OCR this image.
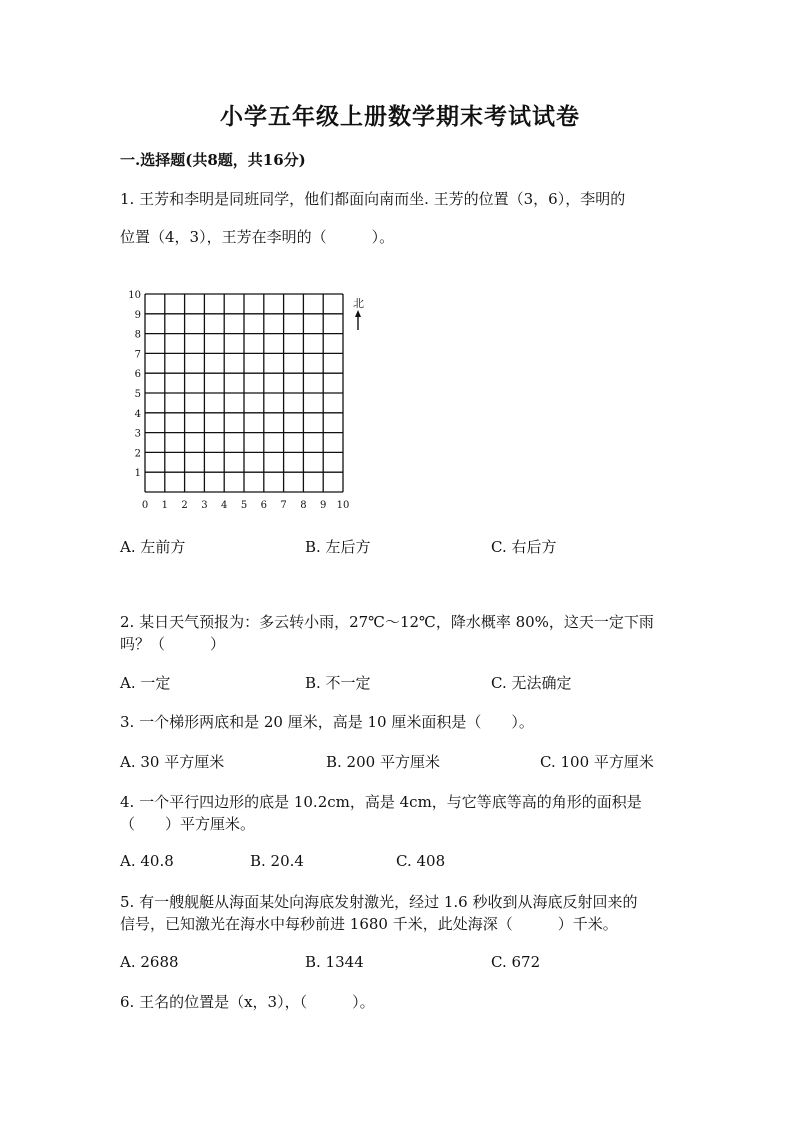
小学五年级上册数学期末考试试卷
一.选择题(共8题，共16分)
1. 王芳和李明是同班同学，他们都面向南而坐. 王芳的位置（3，6），李明的
位置（4，3），王芳在李明的（　　　）。
1
2
3
4
5
6
7
8
9
10
0 1 2 3 4 5 6 7 8 9 10
北
A. 左前方	B. 左后方	C. 右后方
2. 某日天气预报为：多云转小雨，27℃～12℃，降水概率 80%，这天一定下雨
吗？（　　　）
A. 一定	B. 不一定	C. 无法确定
3. 一个梯形两底和是 20 厘米，高是 10 厘米面积是（　　）。
A. 30 平方厘米	B. 200 平方厘米	C. 100 平方厘米
4. 一个平行四边形的底是 10.2cm，高是 4cm，与它等底等高的角形的面积是
（　　）平方厘米。
A. 40.8	B. 20.4	C. 408
5. 有一艘舰艇从海面某处向海底发射激光，经过 1.6 秒收到从海底反射回来的
信号，已知激光在海水中每秒前进 1680 千米，此处海深（　　　）千米。
A. 2688	B. 1344	C. 672
6. 王名的位置是（x，3），（　　　）。
